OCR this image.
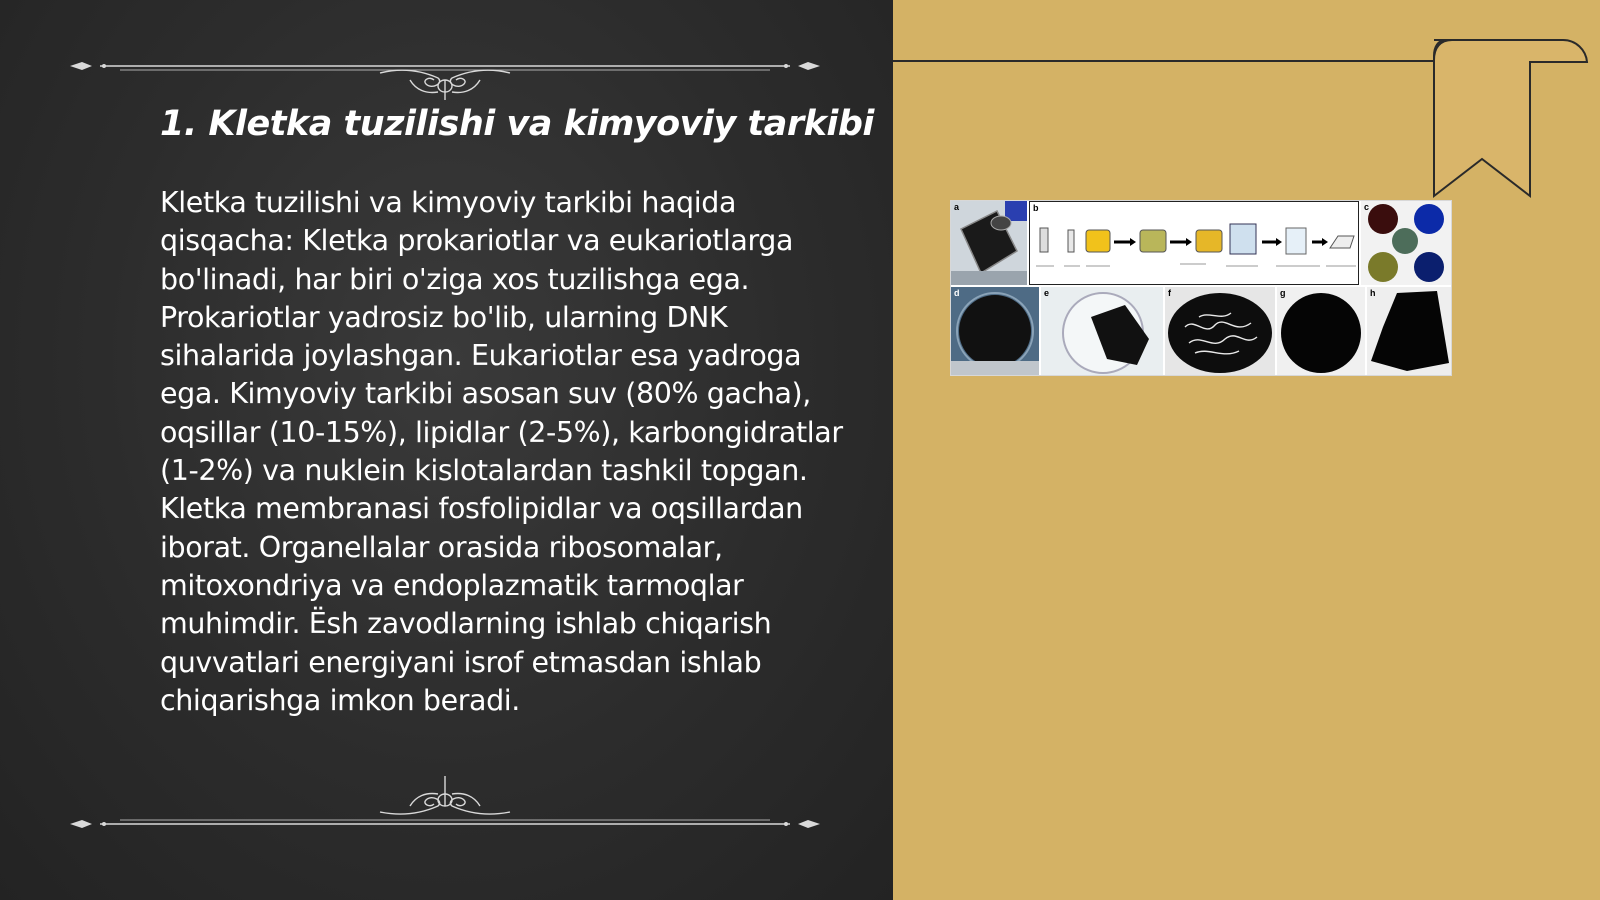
1. Kletka tuzilishi va kimyoviy tarkibi

Kletka tuzilishi va kimyoviy tarkibi haqida qisqacha: Kletka prokariotlar va eukariotlarga bo'linadi, har biri o'ziga xos tuzilishga ega. Prokariotlar yadrosiz bo'lib, ularning DNK sihalarida joylashgan. Eukariotlar esa yadroga ega. Kimyoviy tarkibi asosan suv (80% gacha), oqsillar (10-15%), lipidlar (2-5%), karbongidratlar (1-2%) va nuklein kislotalardan tashkil topgan. Kletka membranasi fosfolipidlar va oqsillardan iborat. Organellalar orasida ribosomalar, mitoxondriya va endoplazmatik tarmoqlar muhimdir. Ësh zavodlarning ishlab chiqarish quvvatlari energiyani isrof etmasdan ishlab chiqarishga imkon beradi.

a	b	c
d	e	f	g	h
